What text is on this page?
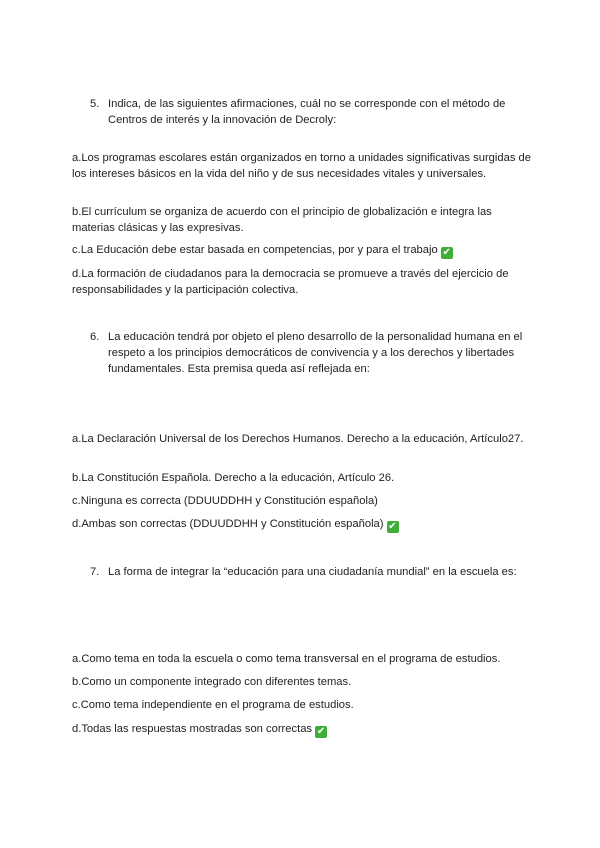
5. Indica, de las siguientes afirmaciones, cuál no se corresponde con el método de Centros de interés y la innovación de Decroly:
a.Los programas escolares están organizados en torno a unidades significativas surgidas de los intereses básicos en la vida del niño y de sus necesidades vitales y universales.
b.El currículum se organiza de acuerdo con el principio de globalización e integra las materias clásicas y las expresivas.
c.La Educación debe estar basada en competencias, por y para el trabajo ✔
d.La formación de ciudadanos para la democracia se promueve a través del ejercicio de responsabilidades y la participación colectiva.
6. La educación tendrá por objeto el pleno desarrollo de la personalidad humana en el respeto a los principios democráticos de convivencia y a los derechos y libertades fundamentales. Esta premisa queda así reflejada en:
a.La Declaración Universal de los Derechos Humanos. Derecho a la educación, Artículo27.
b.La Constitución Española. Derecho a la educación, Artículo 26.
c.Ninguna es correcta (DDUUDDHH y Constitución española)
d.Ambas son correctas (DDUUDDHH y Constitución española) ✔
7. La forma de integrar la “educación para una ciudadanía mundial” en la escuela es:
a.Como tema en toda la escuela o como tema transversal en el programa de estudios.
b.Como un componente integrado con diferentes temas.
c.Como tema independiente en el programa de estudios.
d.Todas las respuestas mostradas son correctas ✔
